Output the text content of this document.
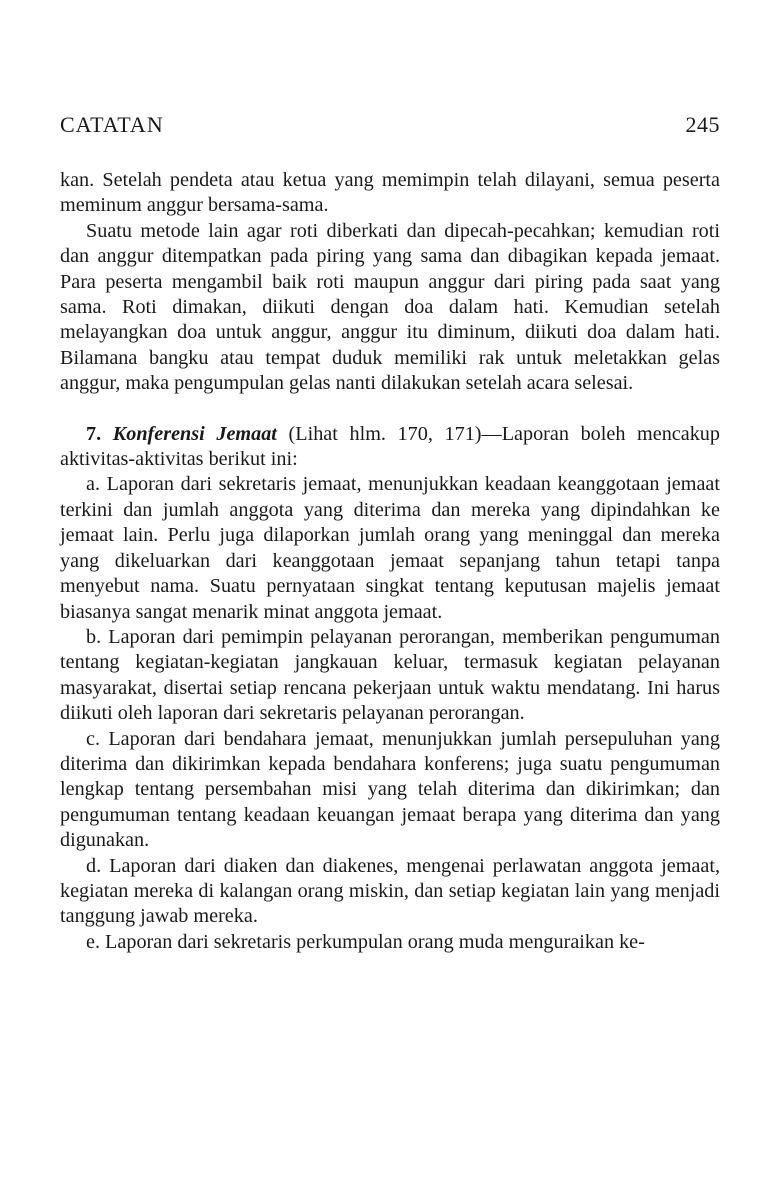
CATATAN	245

kan. Setelah pendeta atau ketua yang memimpin telah dilayani, semua peserta meminum anggur bersama-sama.

Suatu metode lain agar roti diberkati dan dipecah-pecahkan; kemudian roti dan anggur ditempatkan pada piring yang sama dan dibagikan kepada jemaat. Para peserta mengambil baik roti maupun anggur dari piring pada saat yang sama. Roti dimakan, diikuti dengan doa dalam hati. Kemudian setelah melayangkan doa untuk anggur, anggur itu diminum, diikuti doa dalam hati. Bilamana bangku atau tempat duduk memiliki rak untuk meletakkan gelas anggur, maka pengumpulan gelas nanti dilakukan setelah acara selesai.

7. Konferensi Jemaat (Lihat hlm. 170, 171)—Laporan boleh mencakup aktivitas-aktivitas berikut ini:

a. Laporan dari sekretaris jemaat, menunjukkan keadaan keanggotaan jemaat terkini dan jumlah anggota yang diterima dan mereka yang dipindahkan ke jemaat lain. Perlu juga dilaporkan jumlah orang yang meninggal dan mereka yang dikeluarkan dari keanggotaan jemaat sepanjang tahun tetapi tanpa menyebut nama. Suatu pernyataan singkat tentang keputusan majelis jemaat biasanya sangat menarik minat anggota jemaat.

b. Laporan dari pemimpin pelayanan perorangan, memberikan pengumuman tentang kegiatan-kegiatan jangkauan keluar, termasuk kegiatan pelayanan masyarakat, disertai setiap rencana pekerjaan untuk waktu mendatang. Ini harus diikuti oleh laporan dari sekretaris pelayanan perorangan.

c. Laporan dari bendahara jemaat, menunjukkan jumlah persepuluhan yang diterima dan dikirimkan kepada bendahara konferens; juga suatu pengumuman lengkap tentang persembahan misi yang telah diterima dan dikirimkan; dan pengumuman tentang keadaan keuangan jemaat berapa yang diterima dan yang digunakan.

d. Laporan dari diaken dan diakenes, mengenai perlawatan anggota jemaat, kegiatan mereka di kalangan orang miskin, dan setiap kegiatan lain yang menjadi tanggung jawab mereka.

e. Laporan dari sekretaris perkumpulan orang muda menguraikan ke-
